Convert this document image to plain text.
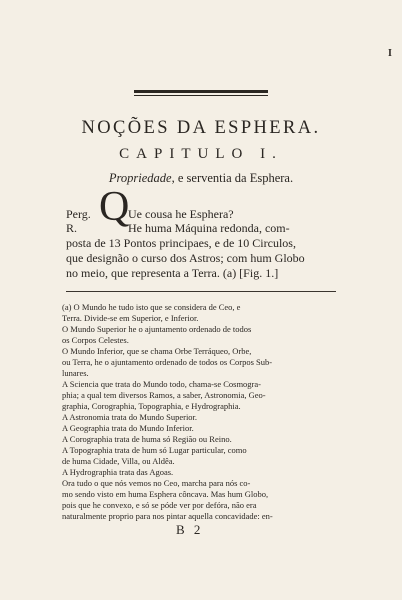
I
NOÇÕES DA ESPHERA.
CAPITULO I.
Propriedade, e serventia da Esphera.
Perg.
R. Q
Ue cousa he Esphera?
He huma Máquina redonda, com-
posta de 13 Pontos principaes, e de 10 Circulos,
que designão o curso dos Astros; com hum Globo
no meio, que representa a Terra. (a) [Fig. 1.]
(a) O Mundo he tudo isto que se considera de Ceo, e
Terra. Divide-se em Superior, e Inferior.
O Mundo Superior he o ajuntamento ordenado de todos
os Corpos Celestes.
O Mundo Inferior, que se chama Orbe Terráqueo, Orbe,
ou Terra, he o ajuntamento ordenado de todos os Corpos Sub-
lunares.
A Sciencia que trata do Mundo todo, chama-se Cosmogra-
phia; a qual tem diversos Ramos, a saber, Astronomia, Geo-
graphia, Corographia, Topographia, e Hydrographia.
A Astronomia trata do Mundo Superior.
A Geographia trata do Mundo Inferior.
A Corographia trata de huma só Região ou Reino.
A Topographia trata de hum só Lugar particular, como
de huma Cidade, Villa, ou Aldêa.
A Hydrographia trata das Agoas.
Ora tudo o que nós vemos no Ceo, marcha para nós co-
mo sendo visto em huma Esphera côncava. Mas hum Globo,
pois que he convexo, e só se póde ver por defóra, não era
naturalmente proprio para nos pintar aquella concavidade: en-
B 2
